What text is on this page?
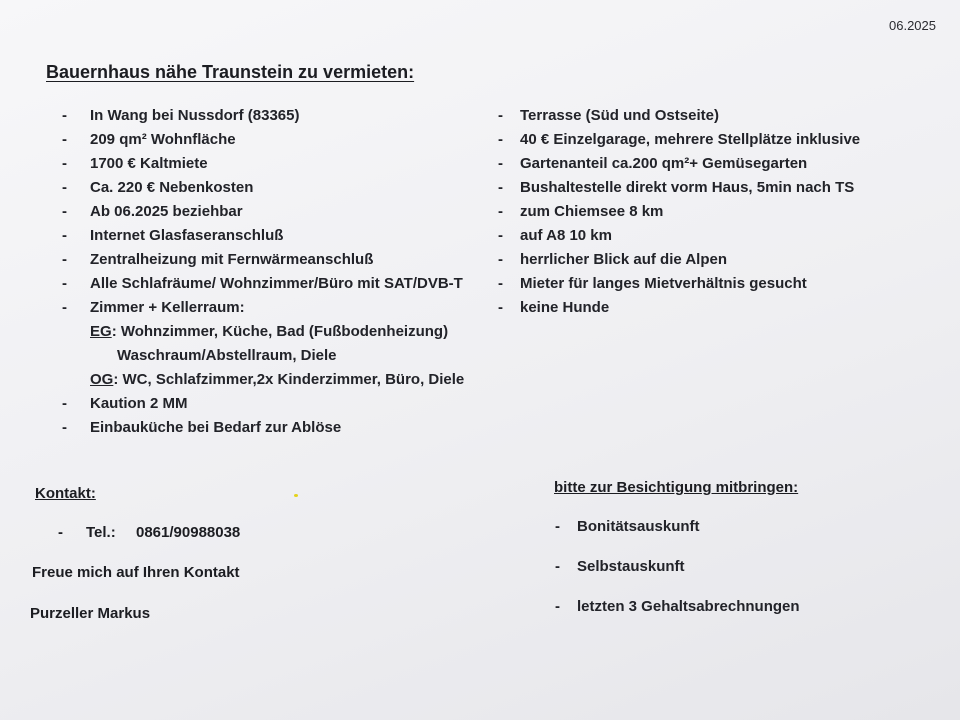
06.2025
Bauernhaus nähe Traunstein zu vermieten:
- In Wang bei Nussdorf (83365)
- 209 qm² Wohnfläche
- 1700 € Kaltmiete
- Ca. 220 € Nebenkosten
- Ab 06.2025 beziehbar
- Internet Glasfaseranschluß
- Zentralheizung mit Fernwärmeanschluß
- Alle Schlafräume/ Wohnzimmer/Büro mit SAT/DVB-T
- Zimmer + Kellerraum:
EG: Wohnzimmer, Küche, Bad (Fußbodenheizung)
Waschraum/Abstellraum, Diele
OG: WC, Schlafzimmer,2x Kinderzimmer, Büro, Diele
- Kaution 2 MM
- Einbauküche bei Bedarf zur Ablöse
- Terrasse (Süd und Ostseite)
- 40 € Einzelgarage, mehrere Stellplätze inklusive
- Gartenanteil ca.200 qm²+ Gemüsegarten
- Bushaltestelle direkt vorm Haus, 5min nach TS
- zum Chiemsee 8 km
- auf A8 10 km
- herrlicher Blick auf die Alpen
- Mieter für langes Mietverhältnis gesucht
- keine Hunde
Kontakt:
- Tel.: 0861/90988038
Freue mich auf Ihren Kontakt
Purzeller Markus
bitte zur Besichtigung mitbringen:
- Bonitätsauskunft
- Selbstauskunft
- letzten 3 Gehaltsabrechnungen
